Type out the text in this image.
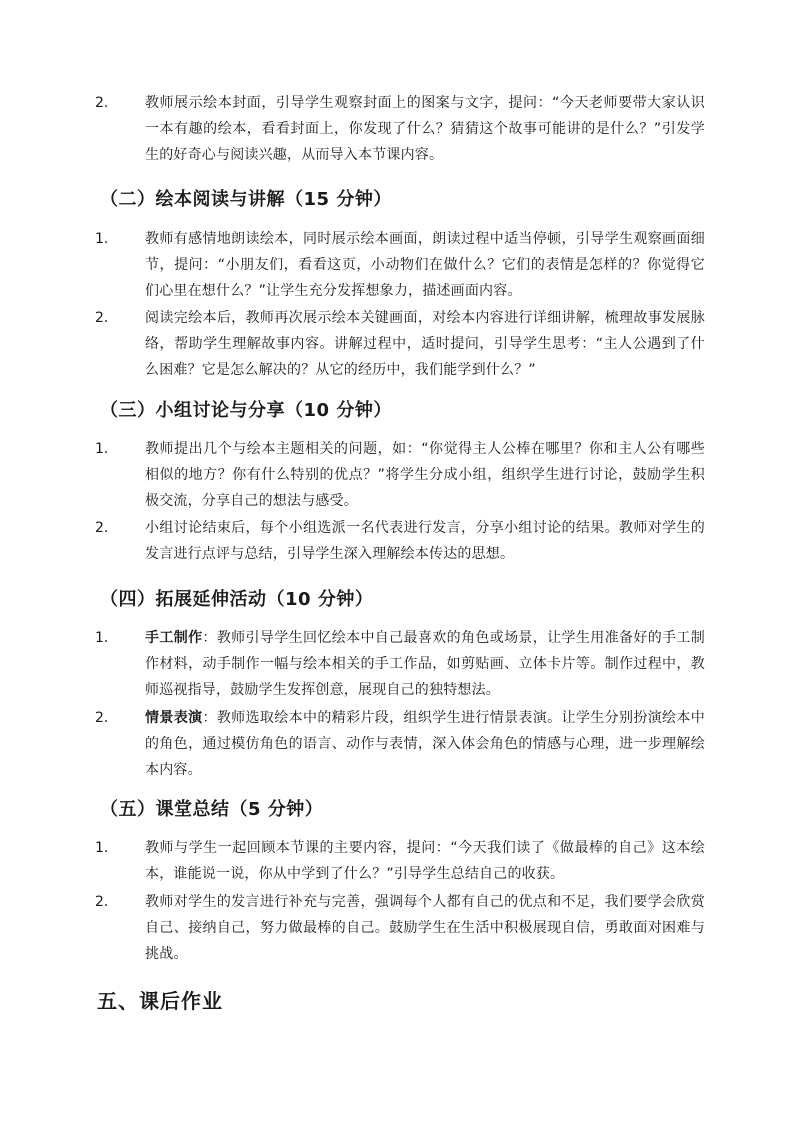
2.	教师展示绘本封面，引导学生观察封面上的图案与文字，提问：“今天老师要带大家认识一本有趣的绘本，看看封面上，你发现了什么？猜猜这个故事可能讲的是什么？”引发学生的好奇心与阅读兴趣，从而导入本节课内容。
（二）绘本阅读与讲解（15 分钟）
1.	教师有感情地朗读绘本，同时展示绘本画面，朗读过程中适当停顿，引导学生观察画面细节，提问：“小朋友们，看看这页，小动物们在做什么？它们的表情是怎样的？你觉得它们心里在想什么？”让学生充分发挥想象力，描述画面内容。
2.	阅读完绘本后，教师再次展示绘本关键画面，对绘本内容进行详细讲解，梳理故事发展脉络，帮助学生理解故事内容。讲解过程中，适时提问，引导学生思考：“主人公遇到了什么困难？它是怎么解决的？从它的经历中，我们能学到什么？”
（三）小组讨论与分享（10 分钟）
1.	教师提出几个与绘本主题相关的问题，如：“你觉得主人公棒在哪里？你和主人公有哪些相似的地方？你有什么特别的优点？”将学生分成小组，组织学生进行讨论，鼓励学生积极交流，分享自己的想法与感受。
2.	小组讨论结束后，每个小组选派一名代表进行发言，分享小组讨论的结果。教师对学生的发言进行点评与总结，引导学生深入理解绘本传达的思想。
（四）拓展延伸活动（10 分钟）
1.	手工制作：教师引导学生回忆绘本中自己最喜欢的角色或场景，让学生用准备好的手工制作材料，动手制作一幅与绘本相关的手工作品，如剪贴画、立体卡片等。制作过程中，教师巡视指导，鼓励学生发挥创意，展现自己的独特想法。
2.	情景表演：教师选取绘本中的精彩片段，组织学生进行情景表演。让学生分别扮演绘本中的角色，通过模仿角色的语言、动作与表情，深入体会角色的情感与心理，进一步理解绘本内容。
（五）课堂总结（5 分钟）
1.	教师与学生一起回顾本节课的主要内容，提问：“今天我们读了《做最棒的自己》这本绘本，谁能说一说，你从中学到了什么？”引导学生总结自己的收获。
2.	教师对学生的发言进行补充与完善，强调每个人都有自己的优点和不足，我们要学会欣赏自己、接纳自己，努力做最棒的自己。鼓励学生在生活中积极展现自信，勇敢面对困难与挑战。
五、课后作业
